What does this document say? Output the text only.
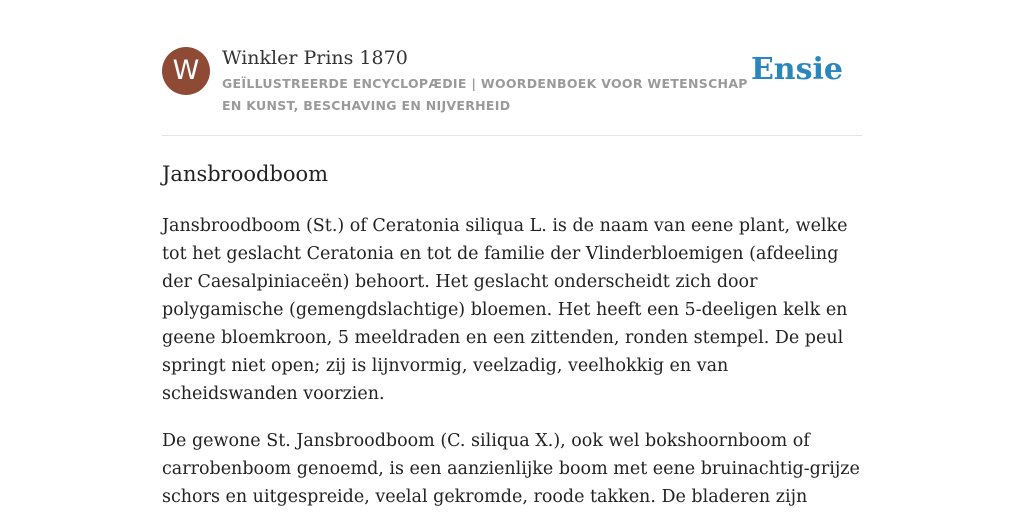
W	Winkler Prins 1870
GEÏLLUSTREERDE ENCYCLOPÆDIE | WOORDENBOEK VOOR WETENSCHAP EN KUNST, BESCHAVING EN NIJVERHEID
Ensie
Jansbroodboom

Jansbroodboom (St.) of Ceratonia siliqua L. is de naam van eene plant, welke tot het geslacht Ceratonia en tot de familie der Vlinderbloemigen (afdeeling der Caesalpiniaceën) behoort. Het geslacht onderscheidt zich door polygamische (gemengdslachtige) bloemen. Het heeft een 5-deeligen kelk en geene bloemkroon, 5 meeldraden en een zittenden, ronden stempel. De peul springt niet open; zij is lijnvormig, veelzadig, veelhokkig en van scheidswanden voorzien.

De gewone St. Jansbroodboom (C. siliqua X.), ook wel bokshoornboom of carrobenboom genoemd, is een aanzienlijke boom met eene bruinachtig-grijze schors en uitgespreide, veelal gekromde, roode takken. De bladeren zijn
